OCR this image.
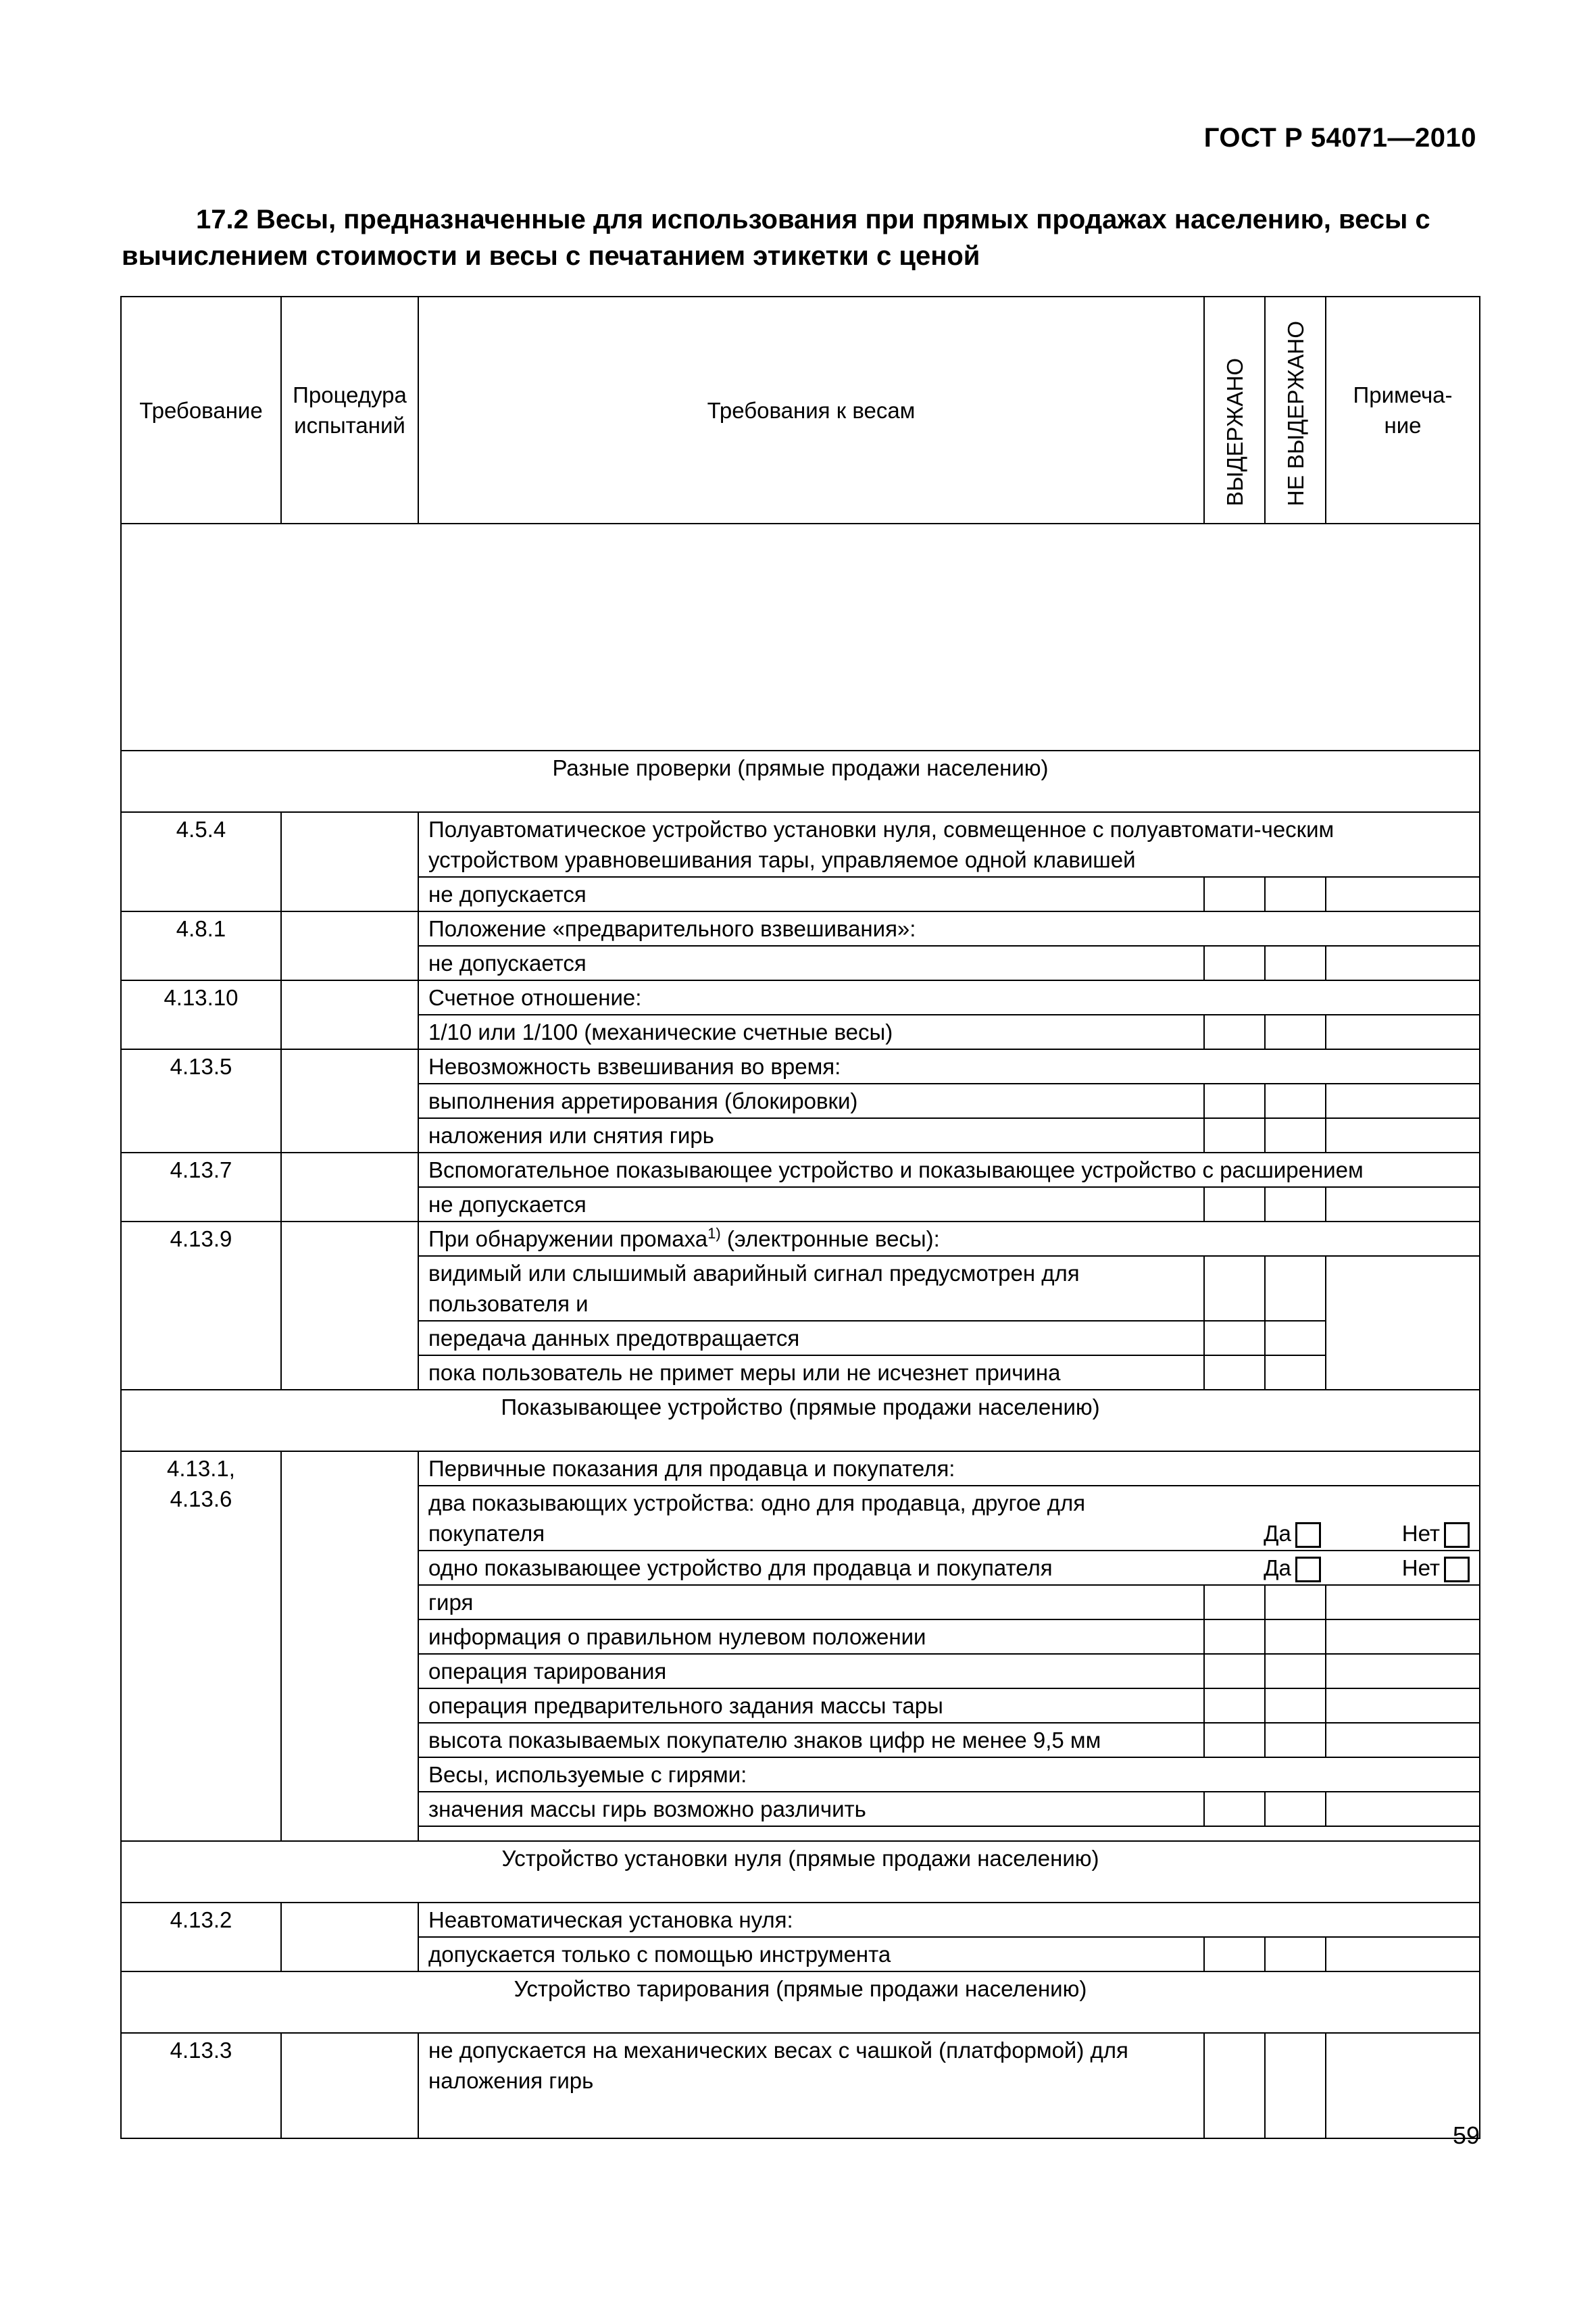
ГОСТ Р 54071—2010
17.2 Весы, предназначенные для использования при прямых продажах населению, весы с вычислением стоимости и весы с печатанием этикетки с ценой
Требование	Процедура испытаний	Требования к весам	ВЫДЕРЖАНО	НЕ ВЫДЕРЖАНО	Примеча-ние

Разные проверки (прямые продажи населению)					
4.5.4		Полуавтоматическое устройство установки нуля, совмещенное с полуавтомати-ческим устройством уравновешивания тары, управляемое одной клавишей			
		не допускается			
4.8.1		Положение «предварительного взвешивания»:			
		не допускается			
4.13.10		Счетное отношение:			
		1/10 или 1/100 (механические счетные весы)			
4.13.5		Невозможность взвешивания во время:			
		выполнения арретирования (блокировки)			
		наложения или снятия гирь			
4.13.7		Вспомогательное показывающее устройство и показывающее устройство с расширением			
		не допускается			
4.13.9		При обнаружении промаха$^{1)}$ (электронные весы):			
		видимый или слышимый аварийный сигнал предусмотрен для пользователя и			
		передача данных предотвращается			
		пока пользователь не примет меры или не исчезнет причина			
Показывающее устройство (прямые продажи населению)					

4.13.1,
4.13.6		Первичные показания для продавца и покупателя:			

		два показывающих устройства: одно для продавца, другое для покупателя Да Нет			

		одно показывающее устройство для продавца и покупателя Да Нет			

		гиря			
		информация о правильном нулевом положении			
		операция тарирования			
		операция предварительного задания массы тары			
		высота показываемых покупателю знаков цифр не менее 9,5 мм			
		Весы, используемые с гирями:			
		значения массы гирь возможно различить			

Устройство установки нуля (прямые продажи населению)					
4.13.2		Неавтоматическая установка нуля:			
		допускается только с помощью инструмента			
Устройство тарирования (прямые продажи населению)					
4.13.3		не допускается на механических весах с чашкой (платформой) для наложения гирь			
59
